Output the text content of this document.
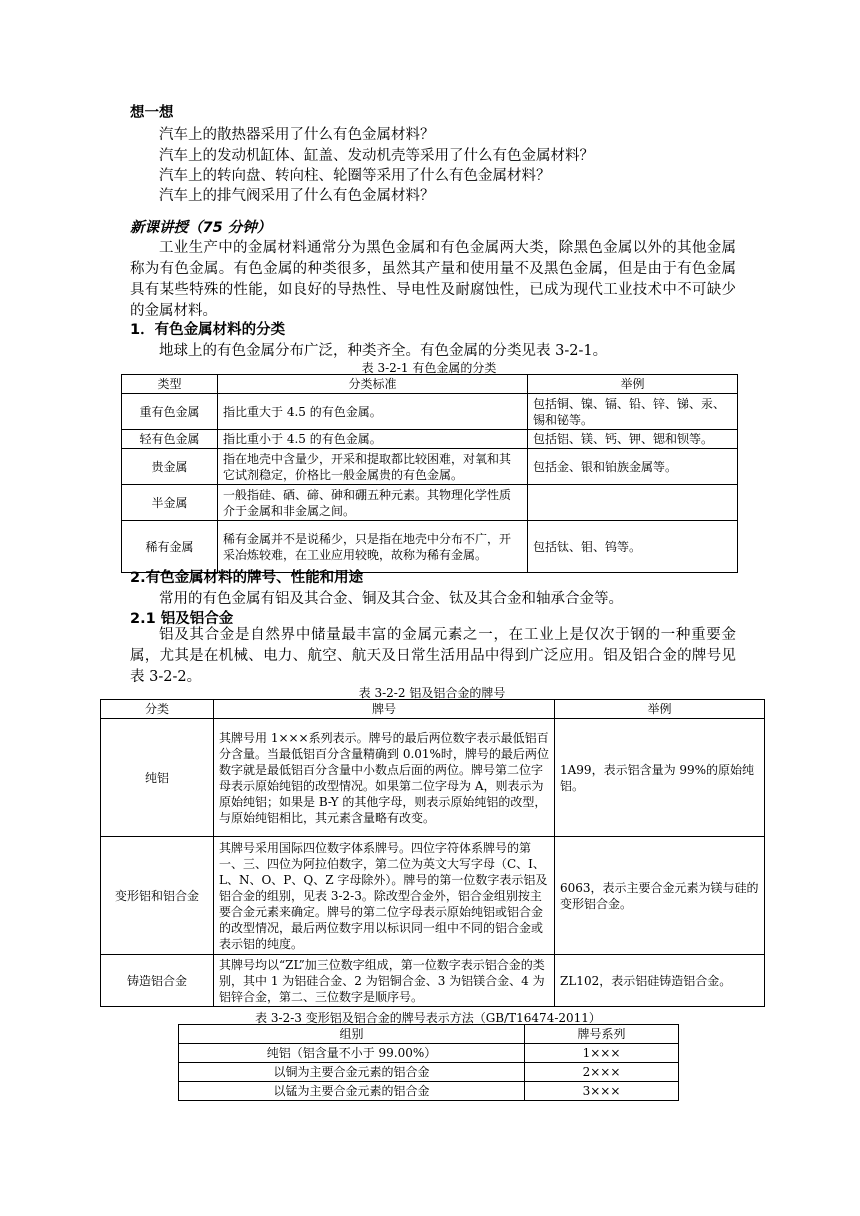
想一想
汽车上的散热器采用了什么有色金属材料？
汽车上的发动机缸体、缸盖、发动机壳等采用了什么有色金属材料？
汽车上的转向盘、转向柱、轮圈等采用了什么有色金属材料？
汽车上的排气阀采用了什么有色金属材料？
新课讲授（75 分钟）
工业生产中的金属材料通常分为黑色金属和有色金属两大类，除黑色金属以外的其他金属称为有色金属。有色金属的种类很多，虽然其产量和使用量不及黑色金属，但是由于有色金属具有某些特殊的性能，如良好的导热性、导电性及耐腐蚀性，已成为现代工业技术中不可缺少的金属材料。
1．有色金属材料的分类
地球上的有色金属分布广泛，种类齐全。有色金属的分类见表 3-2-1。
表 3-2-1 有色金属的分类
类型	分类标准	举例
重有色金属	指比重大于 4.5 的有色金属。	包括铜、镍、镉、铅、锌、锑、汞、锡和铋等。
轻有色金属	指比重小于 4.5 的有色金属。	包括铝、镁、钙、钾、锶和钡等。
贵金属	指在地壳中含量少，开采和提取都比较困难，对氧和其它试剂稳定，价格比一般金属贵的有色金属。	包括金、银和铂族金属等。
半金属	一般指硅、硒、碲、砷和硼五种元素。其物理化学性质介于金属和非金属之间。	
稀有金属	稀有金属并不是说稀少，只是指在地壳中分布不广，开采冶炼较难，在工业应用较晚，故称为稀有金属。	包括钛、钼、钨等。
2.有色金属材料的牌号、性能和用途
常用的有色金属有铝及其合金、铜及其合金、钛及其合金和轴承合金等。
2.1 铝及铝合金
铝及其合金是自然界中储量最丰富的金属元素之一，在工业上是仅次于钢的一种重要金属，尤其是在机械、电力、航空、航天及日常生活用品中得到广泛应用。铝及铝合金的牌号见表 3-2-2。
表 3-2-2 铝及铝合金的牌号
分类	牌号	举例
纯铝	其牌号用 1×××系列表示。牌号的最后两位数字表示最低铝百分含量。当最低铝百分含量精确到 0.01%时，牌号的最后两位数字就是最低铝百分含量中小数点后面的两位。牌号第二位字母表示原始纯铝的改型情况。如果第二位字母为 A，则表示为原始纯铝；如果是 B-Y 的其他字母，则表示原始纯铝的改型，与原始纯铝相比，其元素含量略有改变。	1A99，表示铝含量为 99%的原始纯铝。
变形铝和铝合金	其牌号采用国际四位数字体系牌号。四位字符体系牌号的第一、三、四位为阿拉伯数字，第二位为英文大写字母（C、I、L、N、O、P、Q、Z 字母除外）。牌号的第一位数字表示铝及铝合金的组别，见表 3-2-3。除改型合金外，铝合金组别按主要合金元素来确定。牌号的第二位字母表示原始纯铝或铝合金的改型情况，最后两位数字用以标识同一组中不同的铝合金或表示铝的纯度。	6063，表示主要合金元素为镁与硅的变形铝合金。
铸造铝合金	其牌号均以“ZL”加三位数字组成，第一位数字表示铝合金的类别，其中 1 为铝硅合金、2 为铝铜合金、3 为铝镁合金、4 为铝锌合金，第二、三位数字是顺序号。	ZL102，表示铝硅铸造铝合金。
表 3-2-3 变形铝及铝合金的牌号表示方法（GB/T16474-2011）
组别	牌号系列
纯铝（铝含量不小于 99.00%）	1×××
以铜为主要合金元素的铝合金	2×××
以锰为主要合金元素的铝合金	3×××
